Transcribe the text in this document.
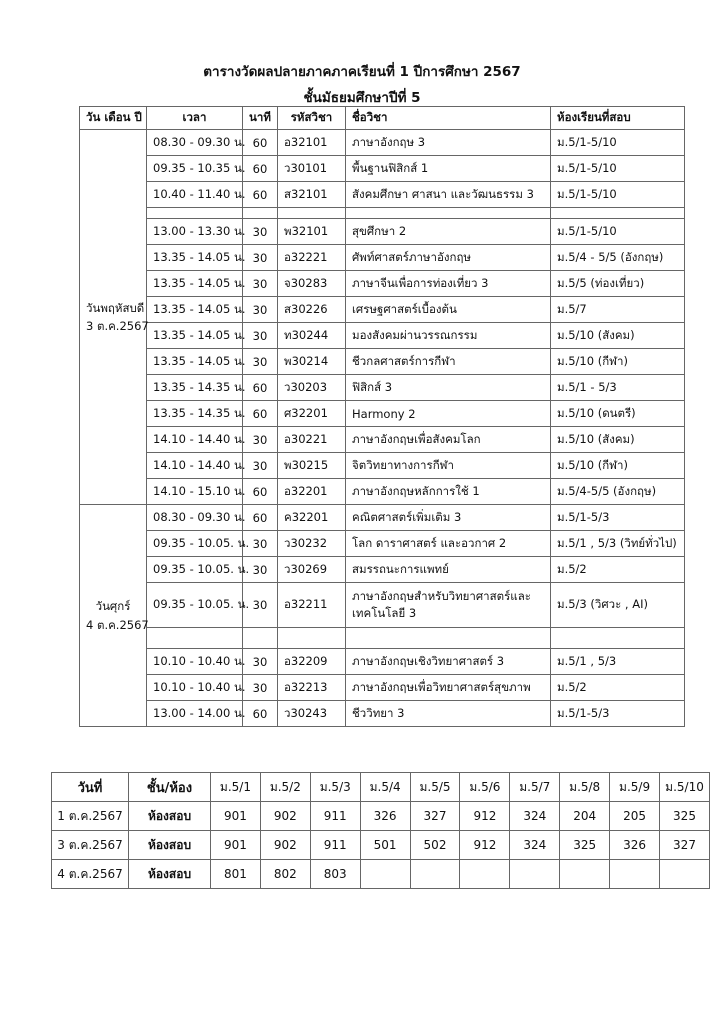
ตารางวัดผลปลายภาคภาคเรียนที่ 1 ปีการศึกษา 2567
ชั้นมัธยมศึกษาปีที่ 5
วัน เดือน ปี	เวลา	นาที	รหัสวิชา	ชื่อวิชา	ห้องเรียนที่สอบ

วันพฤหัสบดี
3 ต.ค.2567	08.30 - 09.30 น.	60	อ32101	ภาษาอังกฤษ 3	ม.5/1-5/10
	09.35 - 10.35 น.	60	ว30101	พื้นฐานฟิสิกส์ 1	ม.5/1-5/10
	10.40 - 11.40 น.	60	ส32101	สังคมศึกษา ศาสนา และวัฒนธรรม 3	ม.5/1-5/10

	13.00 - 13.30 น.	30	พ32101	สุขศึกษา 2	ม.5/1-5/10
	13.35 - 14.05 น.	30	อ32221	ศัพท์ศาสตร์ภาษาอังกฤษ	ม.5/4 - 5/5 (อังกฤษ)
	13.35 - 14.05 น.	30	จ30283	ภาษาจีนเพื่อการท่องเที่ยว 3	ม.5/5 (ท่องเที่ยว)
	13.35 - 14.05 น.	30	ส30226	เศรษฐศาสตร์เบื้องต้น	ม.5/7
	13.35 - 14.05 น.	30	ท30244	มองสังคมผ่านวรรณกรรม	ม.5/10 (สังคม)
	13.35 - 14.05 น.	30	พ30214	ชีวกลศาสตร์การกีฬา	ม.5/10 (กีฬา)
	13.35 - 14.35 น.	60	ว30203	ฟิสิกส์ 3	ม.5/1 - 5/3
	13.35 - 14.35 น.	60	ศ32201	Harmony 2	ม.5/10 (ดนตรี)
	14.10 - 14.40 น.	30	อ30221	ภาษาอังกฤษเพื่อสังคมโลก	ม.5/10 (สังคม)
	14.10 - 14.40 น.	30	พ30215	จิตวิทยาทางการกีฬา	ม.5/10 (กีฬา)
	14.10 - 15.10 น.	60	อ32201	ภาษาอังกฤษหลักการใช้ 1	ม.5/4-5/5 (อังกฤษ)

วันศุกร์
4 ต.ค.2567	08.30 - 09.30 น.	60	ค32201	คณิตศาสตร์เพิ่มเติม 3	ม.5/1-5/3
	09.35 - 10.05. น.	30	ว30232	โลก ดาราศาสตร์ และอวกาศ 2	ม.5/1 , 5/3 (วิทย์ทั่วไป)
	09.35 - 10.05. น.	30	ว30269	สมรรถนะการแพทย์	ม.5/2
	09.35 - 10.05. น.	30	อ32211	ภาษาอังกฤษสำหรับวิทยาศาสตร์และเทคโนโลยี 3	ม.5/3 (วิศวะ , AI)

	10.10 - 10.40 น.	30	อ32209	ภาษาอังกฤษเชิงวิทยาศาสตร์ 3	ม.5/1 , 5/3
	10.10 - 10.40 น.	30	อ32213	ภาษาอังกฤษเพื่อวิทยาศาสตร์สุขภาพ	ม.5/2
	13.00 - 14.00 น.	60	ว30243	ชีววิทยา 3	ม.5/1-5/3
วันที่	ชั้น/ห้อง	ม.5/1	ม.5/2	ม.5/3	ม.5/4	ม.5/5	ม.5/6	ม.5/7	ม.5/8	ม.5/9	ม.5/10
1 ต.ค.2567	ห้องสอบ	901	902	911	326	327	912	324	204	205	325
3 ต.ค.2567	ห้องสอบ	901	902	911	501	502	912	324	325	326	327
4 ต.ค.2567	ห้องสอบ	801	802	803							
